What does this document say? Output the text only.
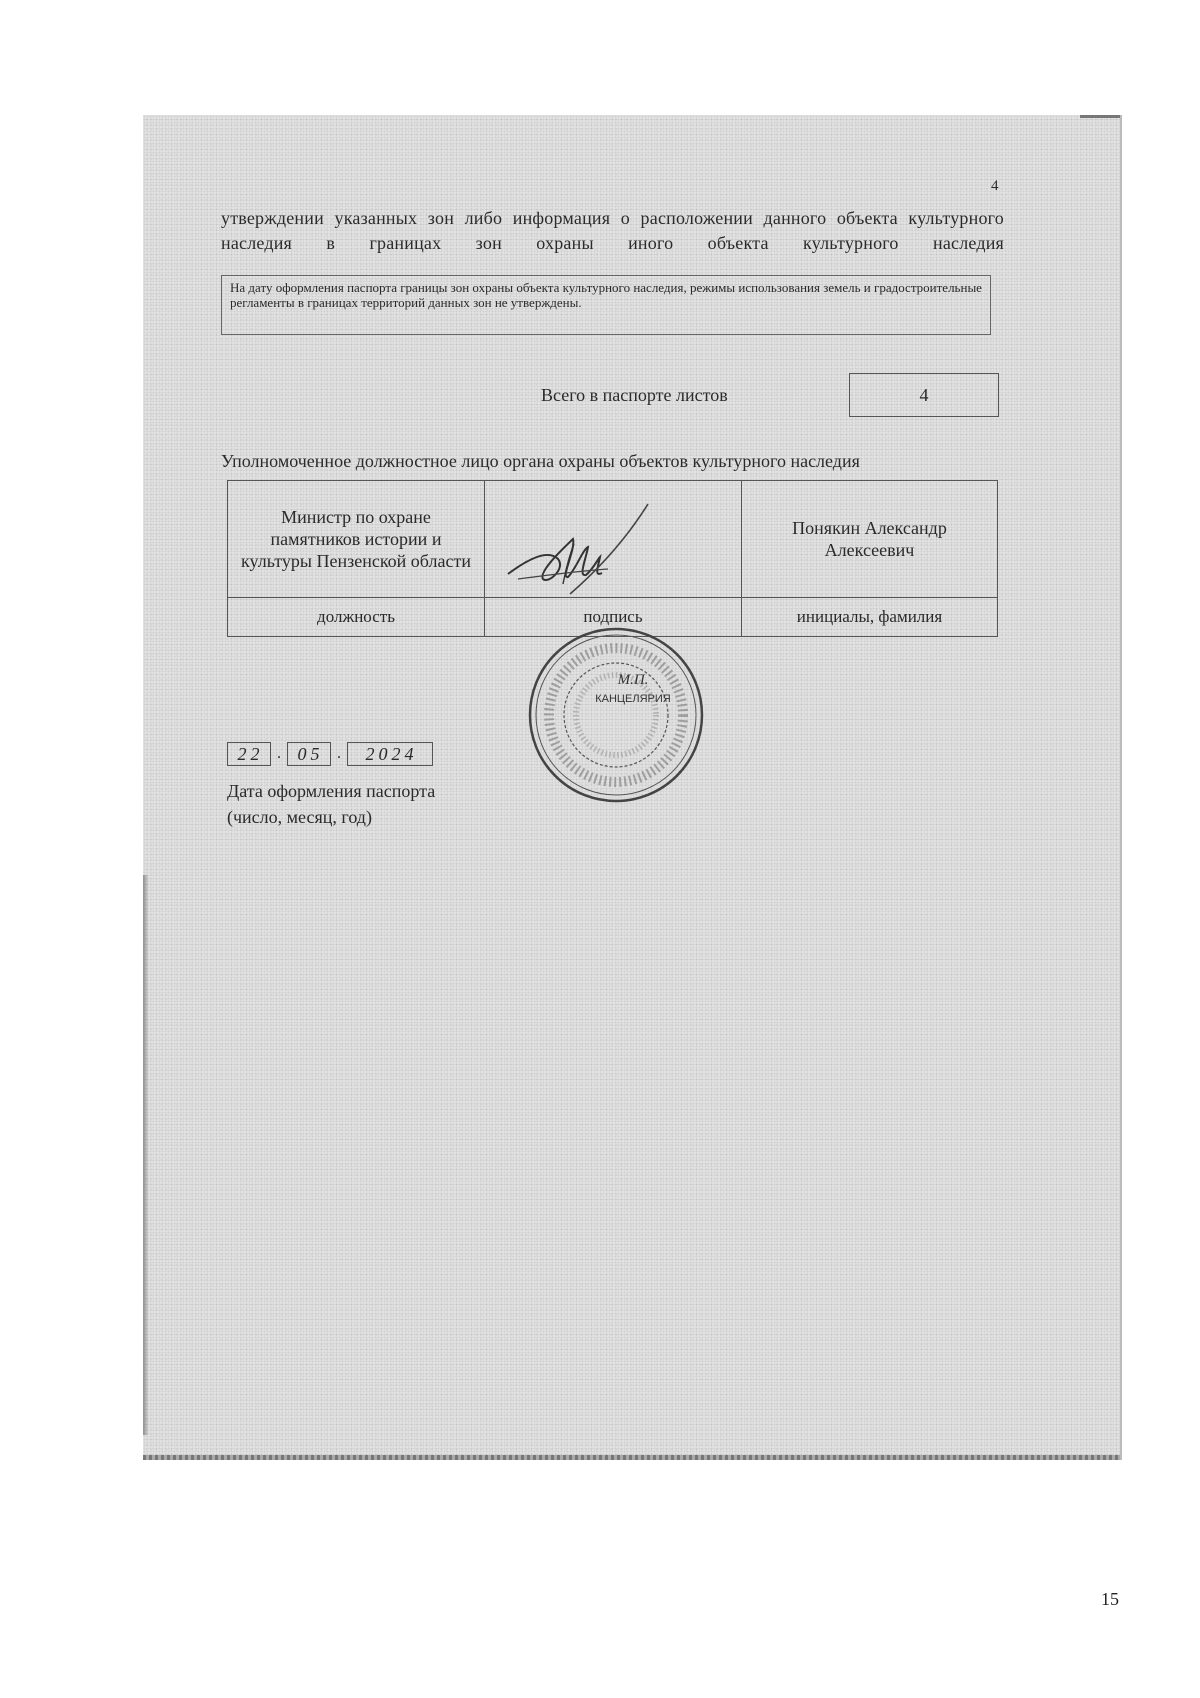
4
утверждении указанных зон либо информация о расположении данного объекта культурного наследия в границах зон охраны иного объекта культурного наследия
На дату оформления паспорта границы зон охраны объекта культурного наследия, режимы использования земель и градостроительные регламенты в границах территорий данных зон не утверждены.
Всего в паспорте листов	4
Уполномоченное должностное лицо органа охраны объектов культурного наследия
Министр по охране памятников истории и культуры Пензенской области		Понякин Александр Алексеевич
должность	подпись	инициалы, фамилия
М.П.
КАНЦЕЛЯРИЯ
22 . 05 .	2024
Дата оформления паспорта
(число, месяц, год)
15
